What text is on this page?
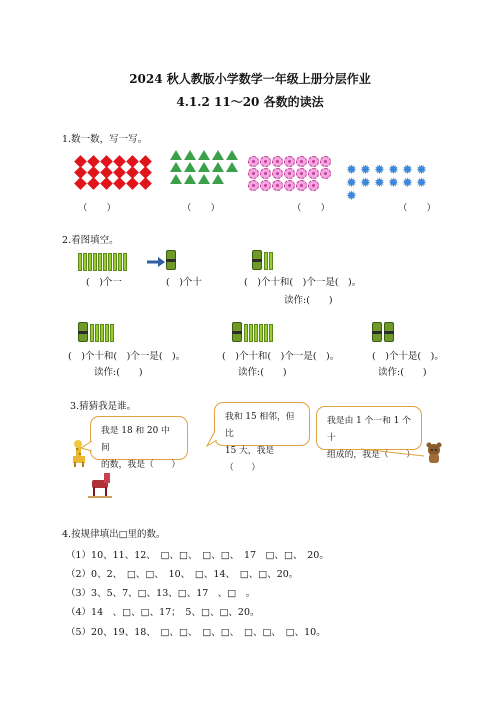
2024 秋人教版小学数学一年级上册分层作业
4.1.2 11～20 各数的读法
1.数一数，写一写。
✹ ✹ ✹ ✹ ✹ ✹
✹ ✹ ✹ ✹ ✹ ✹
✹
（　　）	（　　）	（　　）	（　　）
2.看图填空。
(　)个一	(　)个十	(　)个十和(　)个一是(　)。
读作:(　　)
(　)个十和(　)个一是(　)。	(　)个十和(　)个一是(　)。	(　)个十是(　)。
读作:(　　)	读作:(　　)	读作:(　　)
3.猜猜我是谁。
我是 18 和 20 中间
的数，我是（　　）
我和 15 相邻，但比
15 大，我是（　　）
我是由 1 个一和 1 个十
组成的，我是（　　）
4.按规律填出□里的数。
（1）10、11、12、　□、□、　□、□、　17　□、□、　20。
（2）0、2、　□、□、　10、　□、14、　□、□、20。
（3）3、5、7、□、13、□、17　、□　。
（4）14　、□、□、17；　5、□、□、20。
（5）20、19、18、　□、□、　□、□、　□、□、　□、10。
